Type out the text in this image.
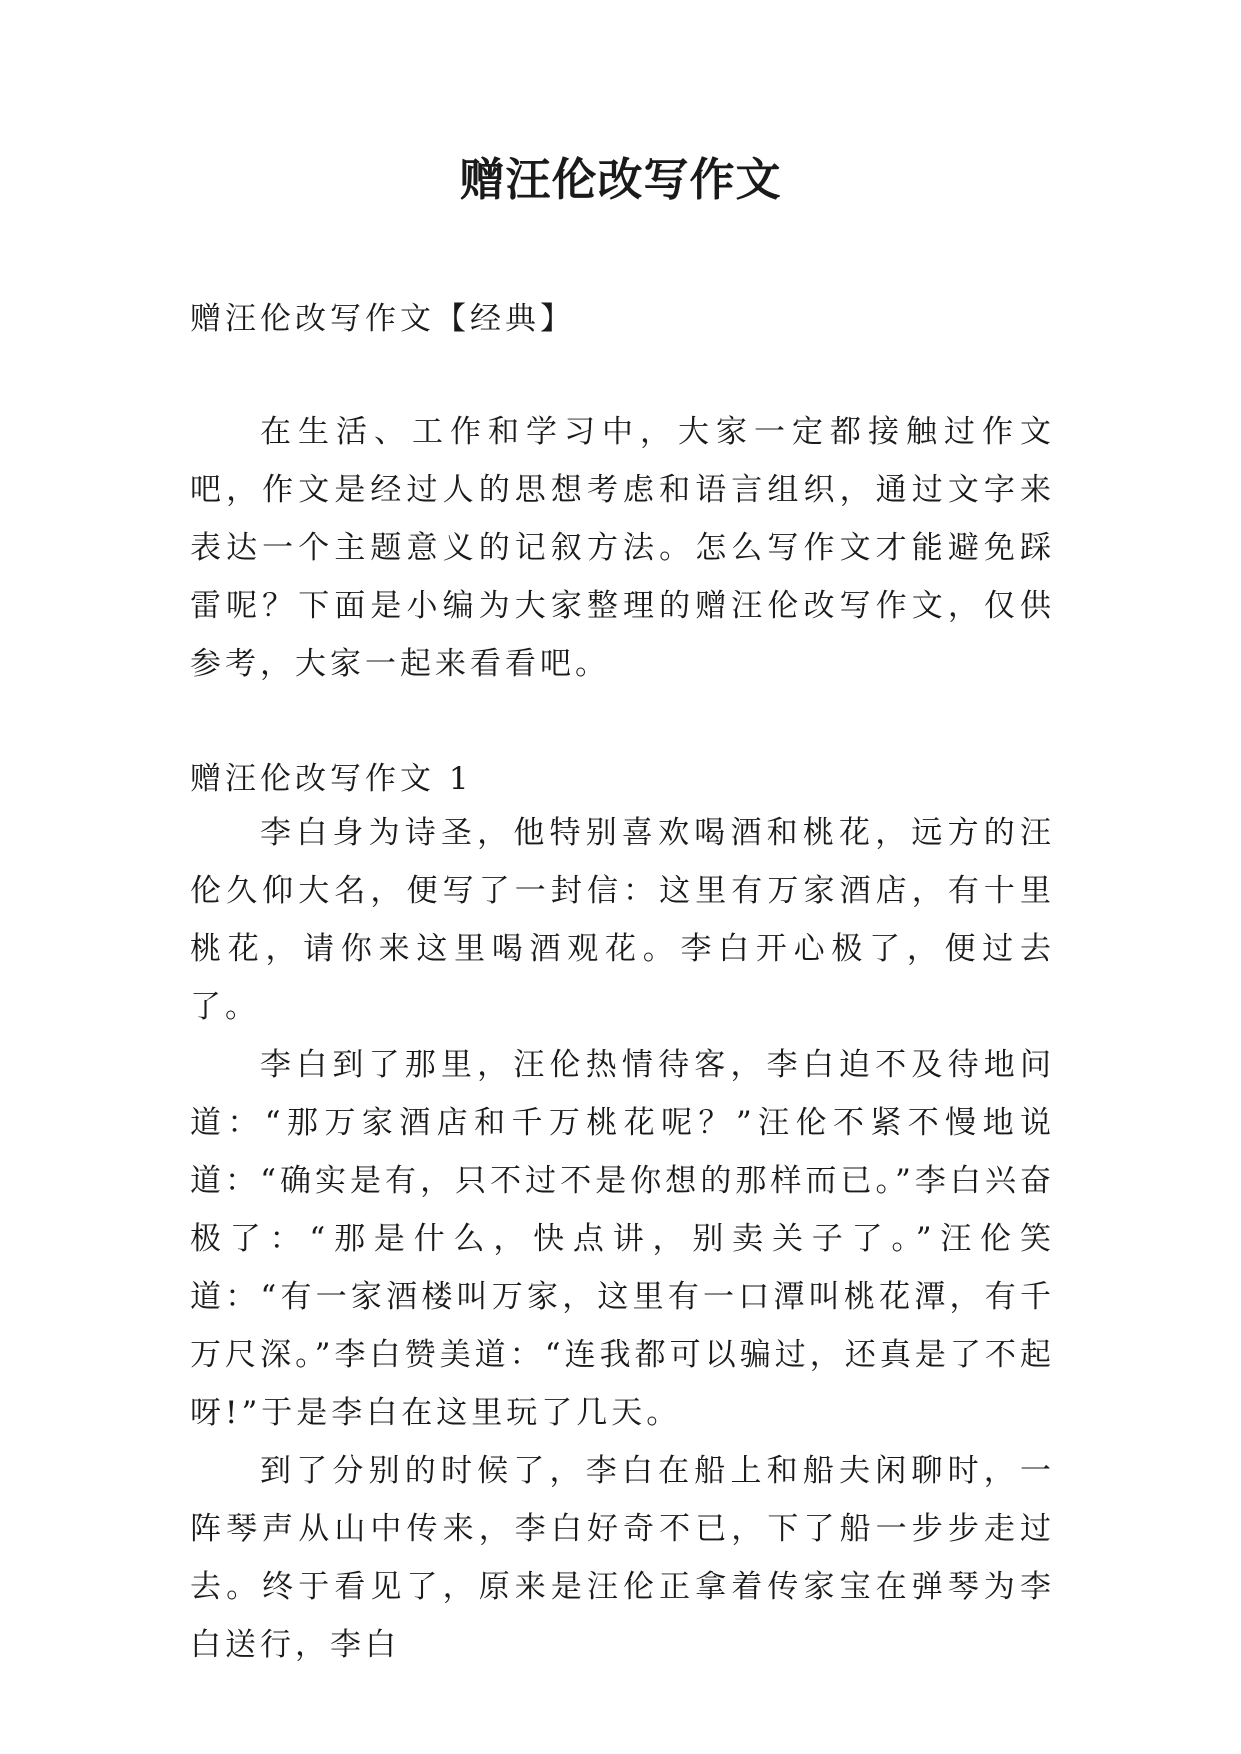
赠汪伦改写作文
赠汪伦改写作文【经典】

在生活、工作和学习中，大家一定都接触过作文吧，作文是经过人的思想考虑和语言组织，通过文字来表达一个主题意义的记叙方法。怎么写作文才能避免踩雷呢？下面是小编为大家整理的赠汪伦改写作文，仅供参考，大家一起来看看吧。

赠汪伦改写作文 1

李白身为诗圣，他特别喜欢喝酒和桃花，远方的汪伦久仰大名，便写了一封信：这里有万家酒店，有十里桃花，请你来这里喝酒观花。李白开心极了，便过去了。

李白到了那里，汪伦热情待客，李白迫不及待地问道：“那万家酒店和千万桃花呢？”汪伦不紧不慢地说道：“确实是有，只不过不是你想的那样而已。”李白兴奋极了：“那是什么，快点讲，别卖关子了。”汪伦笑道：“有一家酒楼叫万家，这里有一口潭叫桃花潭，有千万尺深。”李白赞美道：“连我都可以骗过，还真是了不起呀!”于是李白在这里玩了几天。

到了分别的时候了，李白在船上和船夫闲聊时，一阵琴声从山中传来，李白好奇不已，下了船一步步走过去。终于看见了，原来是汪伦正拿着传家宝在弹琴为李白送行，李白
